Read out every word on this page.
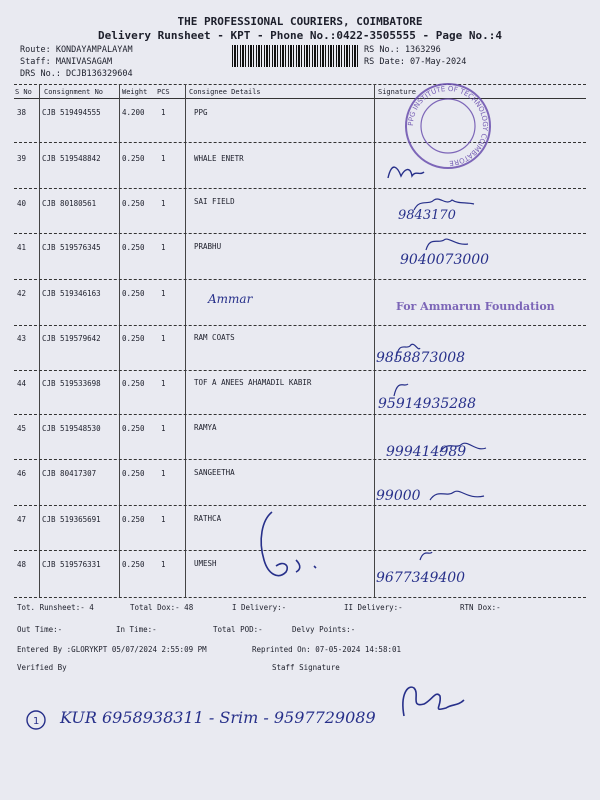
THE PROFESSIONAL COURIERS, COIMBATORE
Delivery Runsheet - KPT - Phone No.:0422-3505555 - Page No.:4
Route: KONDAYAMPALAYAM
Staff: MANIVASAGAM
DRS No.: DCJB136329604
RS No.: 1363296
RS Date: 07-May-2024
S No Consignment No	Weight PCS	Consignee Details	Signature
38 CJB 519494555	4.200 1	PPG
39 CJB 519548842	0.250 1	WHALE ENETR
40 CJB 80180561	0.250 1	SAI FIELD
41 CJB 519576345	0.250 1	PRABHU
42 CJB 519346163	0.250 1
43 CJB 519579642	0.250 1	RAM COATS
44 CJB 519533698	0.250 1	TOF A ANEES AHAMADIL KABIR
45 CJB 519548530	0.250 1	RAMYA
46 CJB 80417307	0.250 1	SANGEETHA
47 CJB 519365691	0.250 1	RATHCA
48 CJB 519576331	0.250 1	UMESH
PPG INSTITUTE OF TECHNOLOGY COIMBATORE
1
9843170
9040073000
Ammar
For Ammarun Foundation
9858873008
95914935288
999414989
99000
9677349400
Tot. Runsheet:- 4	Total Dox:- 48	I Delivery:-	II Delivery:-	RTN Dox:-
Out Time:-	In Time:-	Total POD:-	Delvy Points:-
Entered By :GLORYKPT 05/07/2024 2:55:09 PM	Reprinted On: 07-05-2024 14:58:01
Verified By	Staff Signature
KUR 6958938311 - Srim - 9597729089
